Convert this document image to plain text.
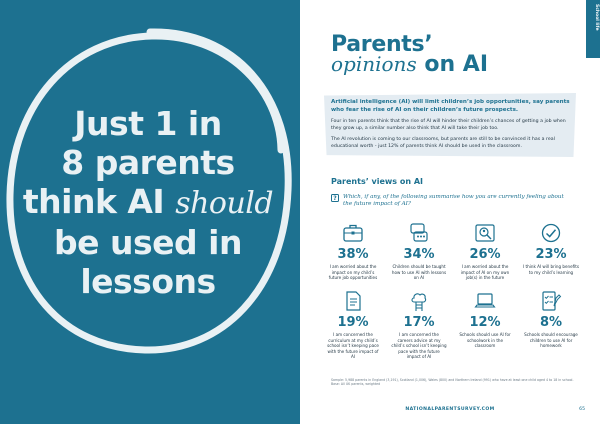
Just 1 in
8 parents
think AI should
be used in
lessons
School life
Parents’
opinions on AI
Artificial intelligence (AI) will limit children’s job opportunities, say parents who fear the rise of AI on their children’s future prospects.
Four in ten parents think that the rise of AI will hinder their children’s chances of getting a job when they grow up, a similar number also think that AI will take their job too.
The AI revolution is coming to our classrooms, but parents are still to be convinced it has a real educational worth - just 12% of parents think AI should be used in the classroom.
Parents’ views on AI
?	Which, if any, of the following summarise how you are currently feeling about the future impact of AI?
38%
I am worried about the impact on my child’s future job opportunities
34%
Children should be taught how to use AI with lessons on AI
26%
I am worried about the impact of AI on my own job(s) in the future
23%
I think AI will bring benefits to my child’s learning
19%
I am concerned the curriculum at my child’s school isn’t keeping pace with the future impact of AI
17%
I am concerned the careers advice at my child’s school isn’t keeping pace with the future impact of AI
12%
Schools should use AI for schoolwork in the classroom
8%
Schools should encourage children to use AI for homework
Sample: 5,988 parents in England (3,191), Scotland (1,006), Wales (800) and Northern Ireland (991) who have at least one child aged 4 to 18 in school. Base: All UK parents, weighted
NATIONALPARENTSURVEY.COM	65
